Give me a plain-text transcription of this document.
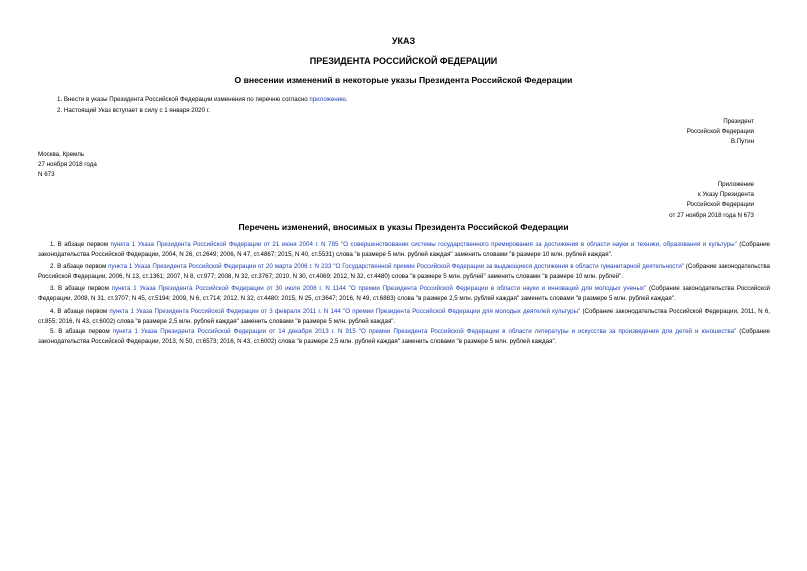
УКАЗ
ПРЕЗИДЕНТА РОССИЙСКОЙ ФЕДЕРАЦИИ
О внесении изменений в некоторые указы Президента Российской Федерации
1. Внести в указы Президента Российской Федерации изменения по перечню согласно приложению.
2. Настоящий Указ вступает в силу с 1 января 2020 г.
Президент
Российской Федерации
В.Путин
Москва, Кремль
27 ноября 2018 года
N 673
Приложение
к Указу Президента
Российской Федерации
от 27 ноября 2018 года N 673
Перечень изменений, вносимых в указы Президента Российской Федерации
1. В абзаце первом пункта 1 Указа Президента Российской Федерации от 21 июня 2004 г. N 785 "О совершенствовании системы государственного премирования за достижения в области науки и техники, образования и культуры" (Собрание законодательства Российской Федерации, 2004, N 26, ст.2649; 2006, N 47, ст.4867; 2015, N 40, ст.5531) слова "в размере 5 млн. рублей каждая" заменить словами "в размере 10 млн. рублей каждая".
2. В абзаце первом пункта 1 Указа Президента Российской Федерации от 20 марта 2006 г. N 233 "О Государственной премии Российской Федерации за выдающиеся достижения в области гуманитарной деятельности" (Собрание законодательства Российской Федерации, 2006, N 13, ст.1361; 2007, N 8, ст.977; 2008, N 32, ст.3767; 2010, N 30, ст.4069; 2012, N 32, ст.4480) слова "в размере 5 млн. рублей" заменить словами "в размере 10 млн. рублей".
3. В абзаце первом пункта 1 Указа Президента Российской Федерации от 30 июля 2008 г. N 1144 "О премии Президента Российской Федерации в области науки и инноваций для молодых ученых" (Собрание законодательства Российской Федерации, 2008, N 31, ст.3707; N 45, ст.5194; 2009, N 6, ст.714; 2012, N 32, ст.4480; 2015, N 25, ст.3647; 2016, N 49, ст.6883) слова "в размере 2,5 млн. рублей каждая" заменить словами "в размере 5 млн. рублей каждая".
4. В абзаце первом пункта 1 Указа Президента Российской Федерации от 3 февраля 2011 г. N 144 "О премии Президента Российской Федерации для молодых деятелей культуры" (Собрание законодательства Российской Федерации, 2011, N 6, ст.855; 2016, N 43, ст.6002) слова "в размере 2,5 млн. рублей каждая" заменить словами "в размере 5 млн. рублей каждая".
5. В абзаце первом пункта 1 Указа Президента Российской Федерации от 14 декабря 2013 г. N 915 "О премии Президента Российской Федерации в области литературы и искусства за произведения для детей и юношества" (Собрание законодательства Российской Федерации, 2013, N 50, ст.6573; 2016, N 43, ст.6002) слова "в размере 2,5 млн. рублей каждая" заменить словами "в размере 5 млн. рублей каждая".
